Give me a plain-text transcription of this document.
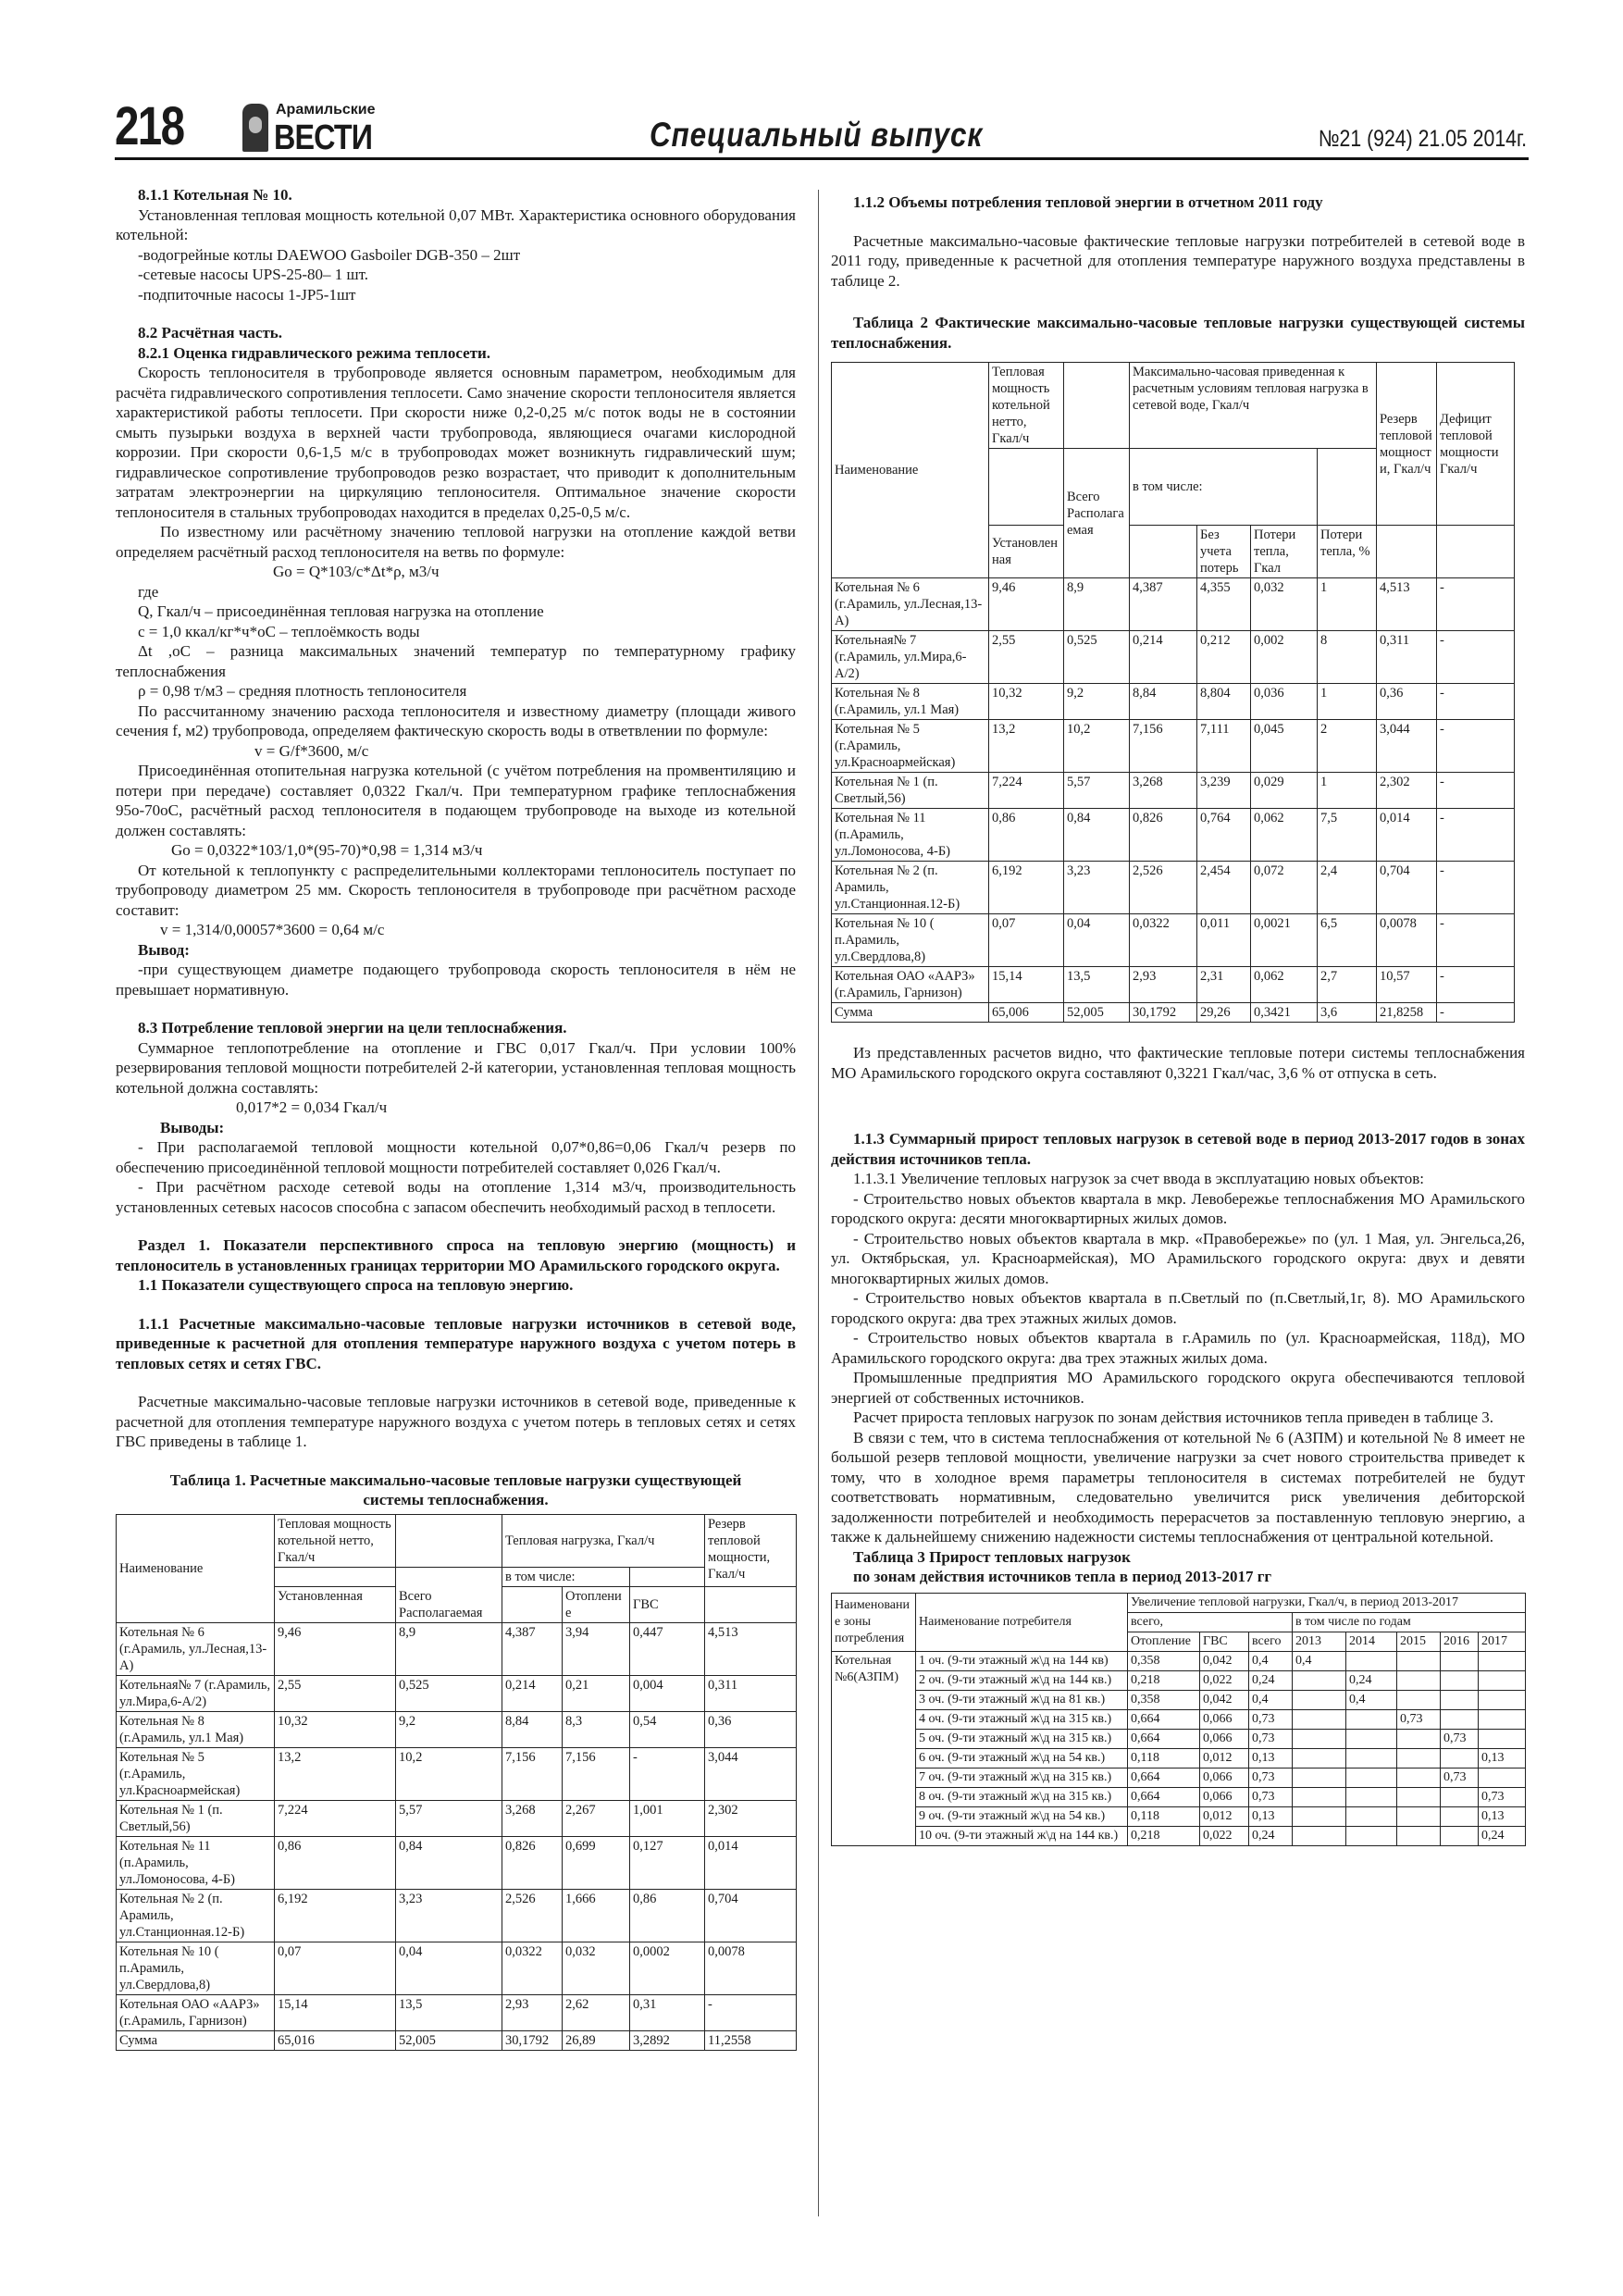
218	Арамильские
ВЕСТИ	Специальный выпуск	№21 (924) 21.05 2014г.

8.1.1 Котельная № 10.

Установленная тепловая мощность котельной 0,07 МВт. Характеристика основного оборудования котельной:

-водогрейные котлы DAEWOO Gasboiler DGB-350 – 2шт

-сетевые насосы UPS-25-80– 1 шт.

-подпиточные насосы 1-JP5-1шт

8.2 Расчётная часть.

8.2.1 Оценка гидравлического режима теплосети.

Скорость теплоносителя в трубопроводе является основным параметром, необходимым для расчёта гидравлического сопротивления теплосети. Само значение скорости теплоносителя является характеристикой работы теплосети. При скорости ниже 0,2-0,25 м/с поток воды не в состоянии смыть пузырьки воздуха в верхней части трубопровода, являющиеся очагами кислородной коррозии. При скорости 0,6-1,5 м/с в трубопроводах может возникнуть гидравлический шум; гидравлическое сопротивление трубопроводов резко возрастает, что приводит к дополнительным затратам электроэнергии на циркуляцию теплоносителя. Оптимальное значение скорости теплоносителя в стальных трубопроводах находится в пределах 0,25-0,5 м/с.

По известному или расчётному значению тепловой нагрузки на отопление каждой ветви определяем расчётный расход теплоносителя на ветвь по формуле:

Go = Q*103/c*Δt*ρ, м3/ч

где

Q, Гкал/ч – присоединённая тепловая нагрузка на отопление

c = 1,0 ккал/кг*ч*оС – теплоёмкость воды

Δt ,оС – разница максимальных значений температур по температурному графику теплоснабжения

ρ = 0,98 т/м3 – средняя плотность теплоносителя

По рассчитанному значению расхода теплоносителя и известному диаметру (площади живого сечения f, м2) трубопровода, определяем фактическую скорость воды в ответвлении по формуле:

v = G/f*3600, м/с

Присоединённая отопительная нагрузка котельной (с учётом потребления на промвентиляцию и потери при передаче) составляет 0,0322 Гкал/ч. При температурном графике теплоснабжения 95о-70оС, расчётный расход теплоносителя в подающем трубопроводе на выходе из котельной должен составлять:

Go = 0,0322*103/1,0*(95-70)*0,98 = 1,314 м3/ч

От котельной к теплопункту с распределительными коллекторами теплоноситель поступает по трубопроводу диаметром 25 мм. Скорость теплоносителя в трубопроводе при расчётном расходе составит:

v = 1,314/0,00057*3600 = 0,64 м/с

Вывод:

-при существующем диаметре подающего трубопровода скорость теплоносителя в нём не превышает нормативную.

8.3 Потребление тепловой энергии на цели теплоснабжения.

Суммарное теплопотребление на отопление и ГВС 0,017 Гкал/ч. При условии 100% резервирования тепловой мощности потребителей 2-й категории, установленная тепловая мощность котельной должна составлять:

0,017*2 = 0,034 Гкал/ч

Выводы:

- При располагаемой тепловой мощности котельной 0,07*0,86=0,06 Гкал/ч резерв по обеспечению присоединённой тепловой мощности потребителей составляет 0,026 Гкал/ч.

- При расчётном расходе сетевой воды на отопление 1,314 м3/ч, производительность установленных сетевых насосов способна с запасом обеспечить необходимый расход в теплосети.

Раздел 1. Показатели перспективного спроса на тепловую энергию (мощность) и теплоноситель в установленных границах территории МО Арамильского городского округа.

1.1 Показатели существующего спроса на тепловую энергию.

1.1.1 Расчетные максимально-часовые тепловые нагрузки источников в сетевой воде, приведенные к расчетной для отопления температуре наружного воздуха с учетом потерь в тепловых сетях и сетях ГВС.

Расчетные максимально-часовые тепловые нагрузки источников в сетевой воде, приведенные к расчетной для отопления температуре наружного воздуха с учетом потерь в тепловых сетях и сетях ГВС приведены в таблице 1.

Таблица 1. Расчетные максимально-часовые тепловые нагрузки существующей системы теплоснабжения.

Наименование	Тепловая мощность котельной нетто, Гкал/ч		Тепловая нагрузка, Гкал/ч			Резерв тепловой мощности, Гкал/ч
		Всего Располагаемая	в том числе:			
	Установленная			Отопление	ГВС	
Котельная № 6 (г.Арамиль, ул.Лесная,13-А)	9,46	8,9	4,387	3,94	0,447	4,513
Котельная№ 7 (г.Арамиль, ул.Мира,6-А/2)	2,55	0,525	0,214	0,21	0,004	0,311
Котельная № 8 (г.Арамиль, ул.1 Мая)	10,32	9,2	8,84	8,3	0,54	0,36
Котельная № 5 (г.Арамиль, ул.Красноармейская)	13,2	10,2	7,156	7,156	-	3,044
Котельная № 1 (п. Светлый,56)	7,224	5,57	3,268	2,267	1,001	2,302
Котельная № 11 (п.Арамиль, ул.Ломоносова, 4-Б)	0,86	0,84	0,826	0,699	0,127	0,014
Котельная № 2 (п. Арамиль, ул.Станционная.12-Б)	6,192	3,23	2,526	1,666	0,86	0,704
Котельная № 10 ( п.Арамиль, ул.Свердлова,8)	0,07	0,04	0,0322	0,032	0,0002	0,0078
Котельная ОАО «ААРЗ» (г.Арамиль, Гарнизон)	15,14	13,5	2,93	2,62	0,31	-
Сумма	65,016	52,005	30,1792	26,89	3,2892	11,2558

1.1.2 Объемы потребления тепловой энергии в отчетном 2011 году

Расчетные максимально-часовые фактические тепловые нагрузки потребителей в сетевой воде в 2011 году, приведенные к расчетной для отопления температуре наружного воздуха представлены в таблице 2.

Таблица 2 Фактические максимально-часовые тепловые нагрузки существующей системы теплоснабжения.

Наименование	Тепловая мощность котельной нетто, Гкал/ч		Максимально-часовая приведенная к расчетным условиям тепловая нагрузка в сетевой воде, Гкал/ч				Резерв тепловой мощности, Гкал/ч	Дефицит тепловой мощности Гкал/ч
		Всего Располагаемая	в том числе:					
	Установленная			Без учета потерь	Потери тепла, Гкал	Потери тепла, %		
Котельная № 6 (г.Арамиль, ул.Лесная,13-А)	9,46	8,9	4,387	4,355	0,032	1	4,513	-
Котельная№ 7 (г.Арамиль, ул.Мира,6-А/2)	2,55	0,525	0,214	0,212	0,002	8	0,311	-
Котельная № 8 (г.Арамиль, ул.1 Мая)	10,32	9,2	8,84	8,804	0,036	1	0,36	-
Котельная № 5 (г.Арамиль, ул.Красноармейская)	13,2	10,2	7,156	7,111	0,045	2	3,044	-
Котельная № 1 (п. Светлый,56)	7,224	5,57	3,268	3,239	0,029	1	2,302	-
Котельная № 11 (п.Арамиль, ул.Ломоносова, 4-Б)	0,86	0,84	0,826	0,764	0,062	7,5	0,014	-
Котельная № 2 (п. Арамиль, ул.Станционная.12-Б)	6,192	3,23	2,526	2,454	0,072	2,4	0,704	-
Котельная № 10 ( п.Арамиль, ул.Свердлова,8)	0,07	0,04	0,0322	0,011	0,0021	6,5	0,0078	-
Котельная ОАО «ААРЗ» (г.Арамиль, Гарнизон)	15,14	13,5	2,93	2,31	0,062	2,7	10,57	-
Сумма	65,006	52,005	30,1792	29,26	0,3421	3,6	21,8258	-

Из представленных расчетов видно, что фактические тепловые потери системы теплоснабжения МО Арамильского городского округа составляют 0,3221 Гкал/час, 3,6 % от отпуска в сеть.

1.1.3 Суммарный прирост тепловых нагрузок в сетевой воде в период 2013-2017 годов в зонах действия источников тепла.

1.1.3.1 Увеличение тепловых нагрузок за счет ввода в эксплуатацию новых объектов:

- Строительство новых объектов квартала в мкр. Левобережье теплоснабжения МО Арамильского городского округа: десяти многоквартирных жилых домов.

- Строительство новых объектов квартала в мкр. «Правобережье» по (ул. 1 Мая, ул. Энгельса,26, ул. Октябрьская, ул. Красноармейская), МО Арамильского городского округа: двух и девяти многоквартирных жилых домов.

- Строительство новых объектов квартала в п.Светлый по (п.Светлый,1г, 8). МО Арамильского городского округа: два трех этажных жилых домов.

- Строительство новых объектов квартала в г.Арамиль по (ул. Красноармейская, 118д), МО Арамильского городского округа: два трех этажных жилых дома.

Промышленные предприятия МО Арамильского городского округа обеспечиваются тепловой энергией от собственных источников.

Расчет прироста тепловых нагрузок по зонам действия источников тепла приведен в таблице 3.

В связи с тем, что в система теплоснабжения от котельной № 6 (АЗПМ) и котельной № 8 имеет не большой резерв тепловой мощности, увеличение нагрузки за счет нового строительства приведет к тому, что в холодное время параметры теплоносителя в системах потребителей не будут соответствовать нормативным, следовательно увеличится риск увеличения дебиторской задолженности потребителей и необходимость перерасчетов за поставленную тепловую энергию, а также к дальнейшему снижению надежности системы теплоснабжения от центральной котельной.

Таблица 3 Прирост тепловых нагрузок

по зонам действия источников тепла в период 2013-2017 гг

Наименование зоны потребления	Наименование потребителя	Увеличение тепловой нагрузки, Гкал/ч, в период 2013-2017							
		всего,			в том числе по годам				
		Отопление	ГВС	всего	2013	2014	2015	2016	2017
Котельная №6(АЗПМ)	1 оч. (9-ти этажный ж\д на 144 кв)	0,358	0,042	0,4	0,4				
	2 оч. (9-ти этажный ж\д на 144 кв.)	0,218	0,022	0,24		0,24			
	3 оч. (9-ти этажный ж\д на 81 кв.)	0,358	0,042	0,4		0,4			
	4 оч. (9-ти этажный ж\д на 315 кв.)	0,664	0,066	0,73			0,73		
	5 оч. (9-ти этажный ж\д на 315 кв.)	0,664	0,066	0,73				0,73	
	6 оч. (9-ти этажный ж\д на 54 кв.)	0,118	0,012	0,13					0,13
	7 оч. (9-ти этажный ж\д на 315 кв.)	0,664	0,066	0,73				0,73	
	8 оч. (9-ти этажный ж\д на 315 кв.)	0,664	0,066	0,73					0,73
	9 оч. (9-ти этажный ж\д на 54 кв.)	0,118	0,012	0,13					0,13
	10 оч. (9-ти этажный ж\д на 144 кв.)	0,218	0,022	0,24					0,24
